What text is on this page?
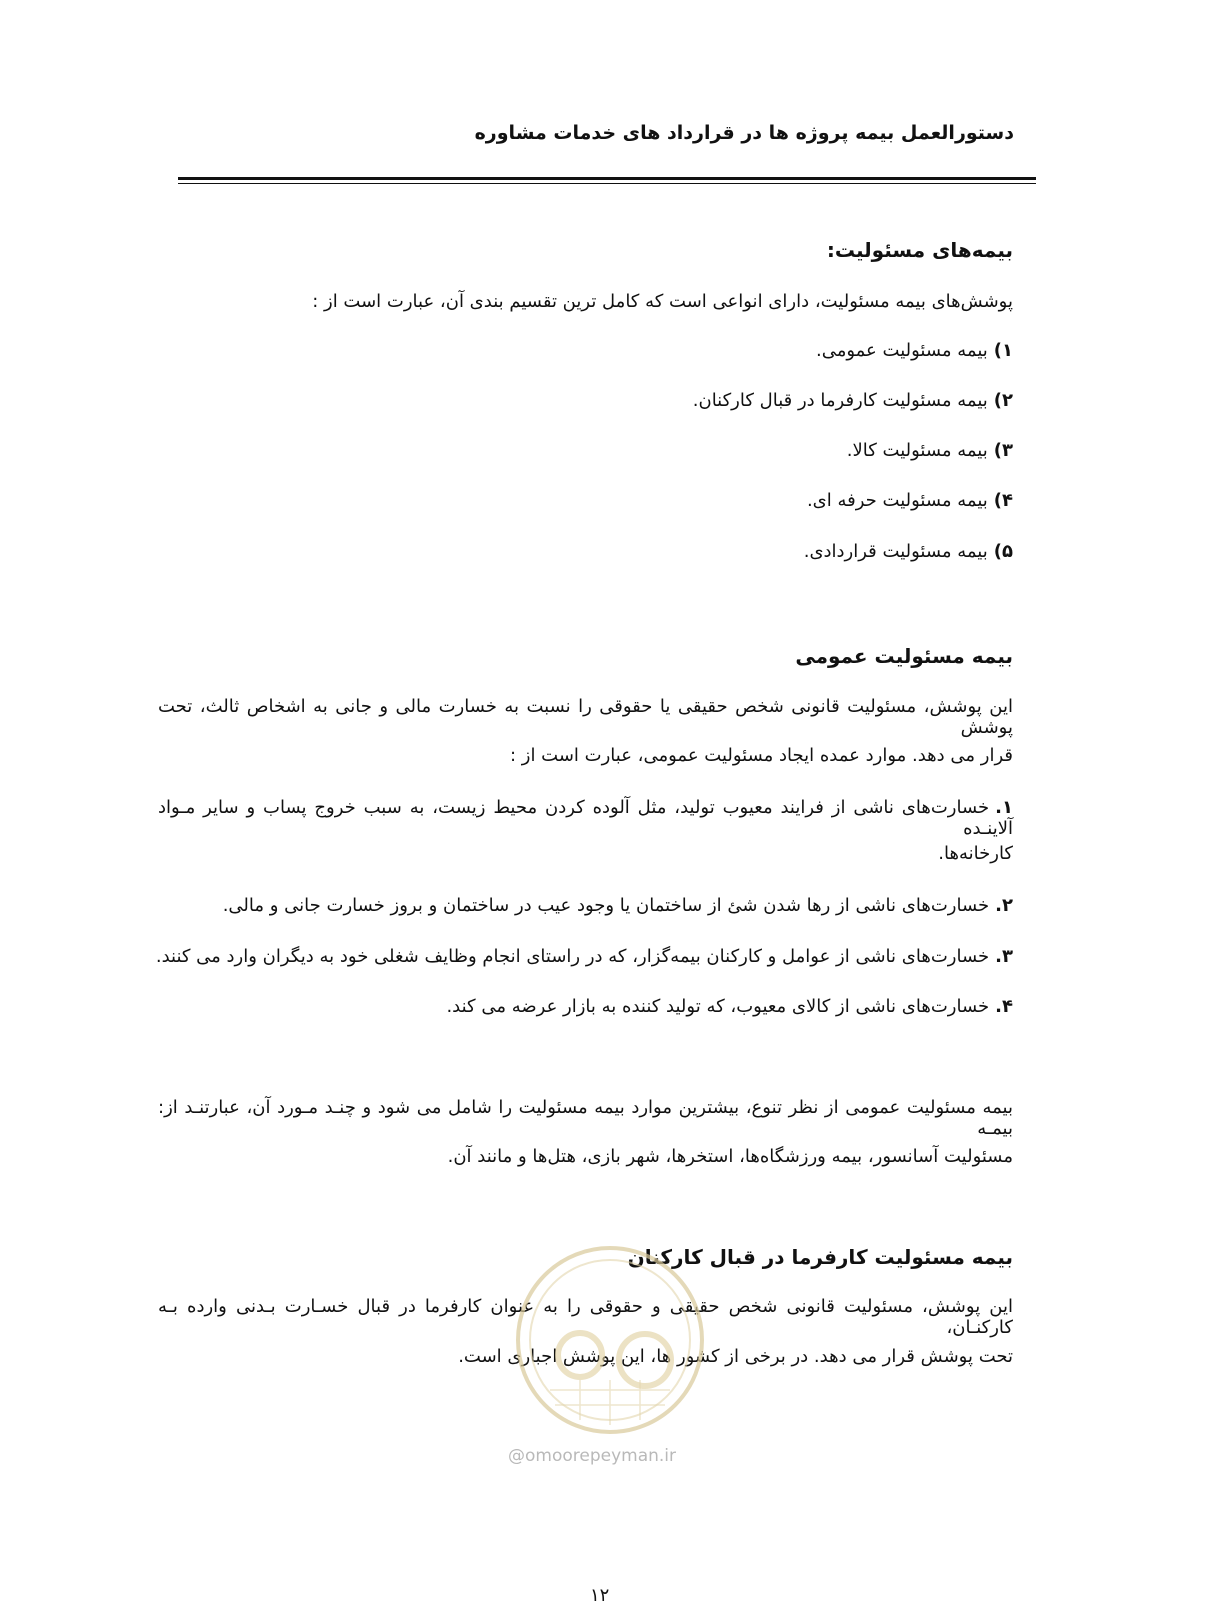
دستورالعمل بیمه پروژه ها در قرارداد های خدمات مشاوره
بیمه‌های مسئولیت:
پوشش‌های بیمه مسئولیت، دارای انواعی است که کامل ترین تقسیم بندی آن، عبارت است از :
۱)بیمه مسئولیت عمومی.
۲)بیمه مسئولیت کارفرما در قبال کارکنان.
۳)بیمه مسئولیت کالا.
۴)بیمه مسئولیت حرفه ای.
۵)بیمه مسئولیت قراردادی.
بیمه مسئولیت عمومی
این پوشش، مسئولیت قانونی شخص حقیقی یا حقوقی را نسبت به خسارت مالی و جانی به اشخاص ثالث، تحت پوشش
قرار می دهد. موارد عمده ایجاد مسئولیت عمومی، عبارت است از :
۱.خسارت‌های ناشی از فرایند معیوب تولید، مثل آلوده کردن محیط زیست، به سبب خروج پساب و سایر مـواد آلاینـده
کارخانه‌ها.
۲.خسارت‌های ناشی از رها شدن شئ از ساختمان یا وجود عیب در ساختمان و بروز خسارت جانی و مالی.
۳.خسارت‌های ناشی از عوامل و کارکنان بیمه‌گزار، که در راستای انجام وظایف شغلی خود به دیگران وارد می کنند.
۴.خسارت‌های ناشی از کالای معیوب، که تولید کننده به بازار عرضه می کند.
بیمه مسئولیت عمومی از نظر تنوع، بیشترین موارد بیمه مسئولیت را شامل می شود و چنـد مـورد آن، عبارتنـد از: بیمـه
مسئولیت آسانسور، بیمه ورزشگاه‌ها، استخرها، شهر بازی، هتل‌ها و مانند آن.
بیمه مسئولیت کارفرما در قبال کارکنان
این پوشش، مسئولیت قانونی شخص حقیقی و حقوقی را به عنوان کارفرما در قبال خسـارت بـدنی وارده بـه کارکنـان،
تحت پوشش قرار می دهد. در برخی از کشور ها، این پوشش اجباری است.
@omoorepeyman.ir
۱۲
